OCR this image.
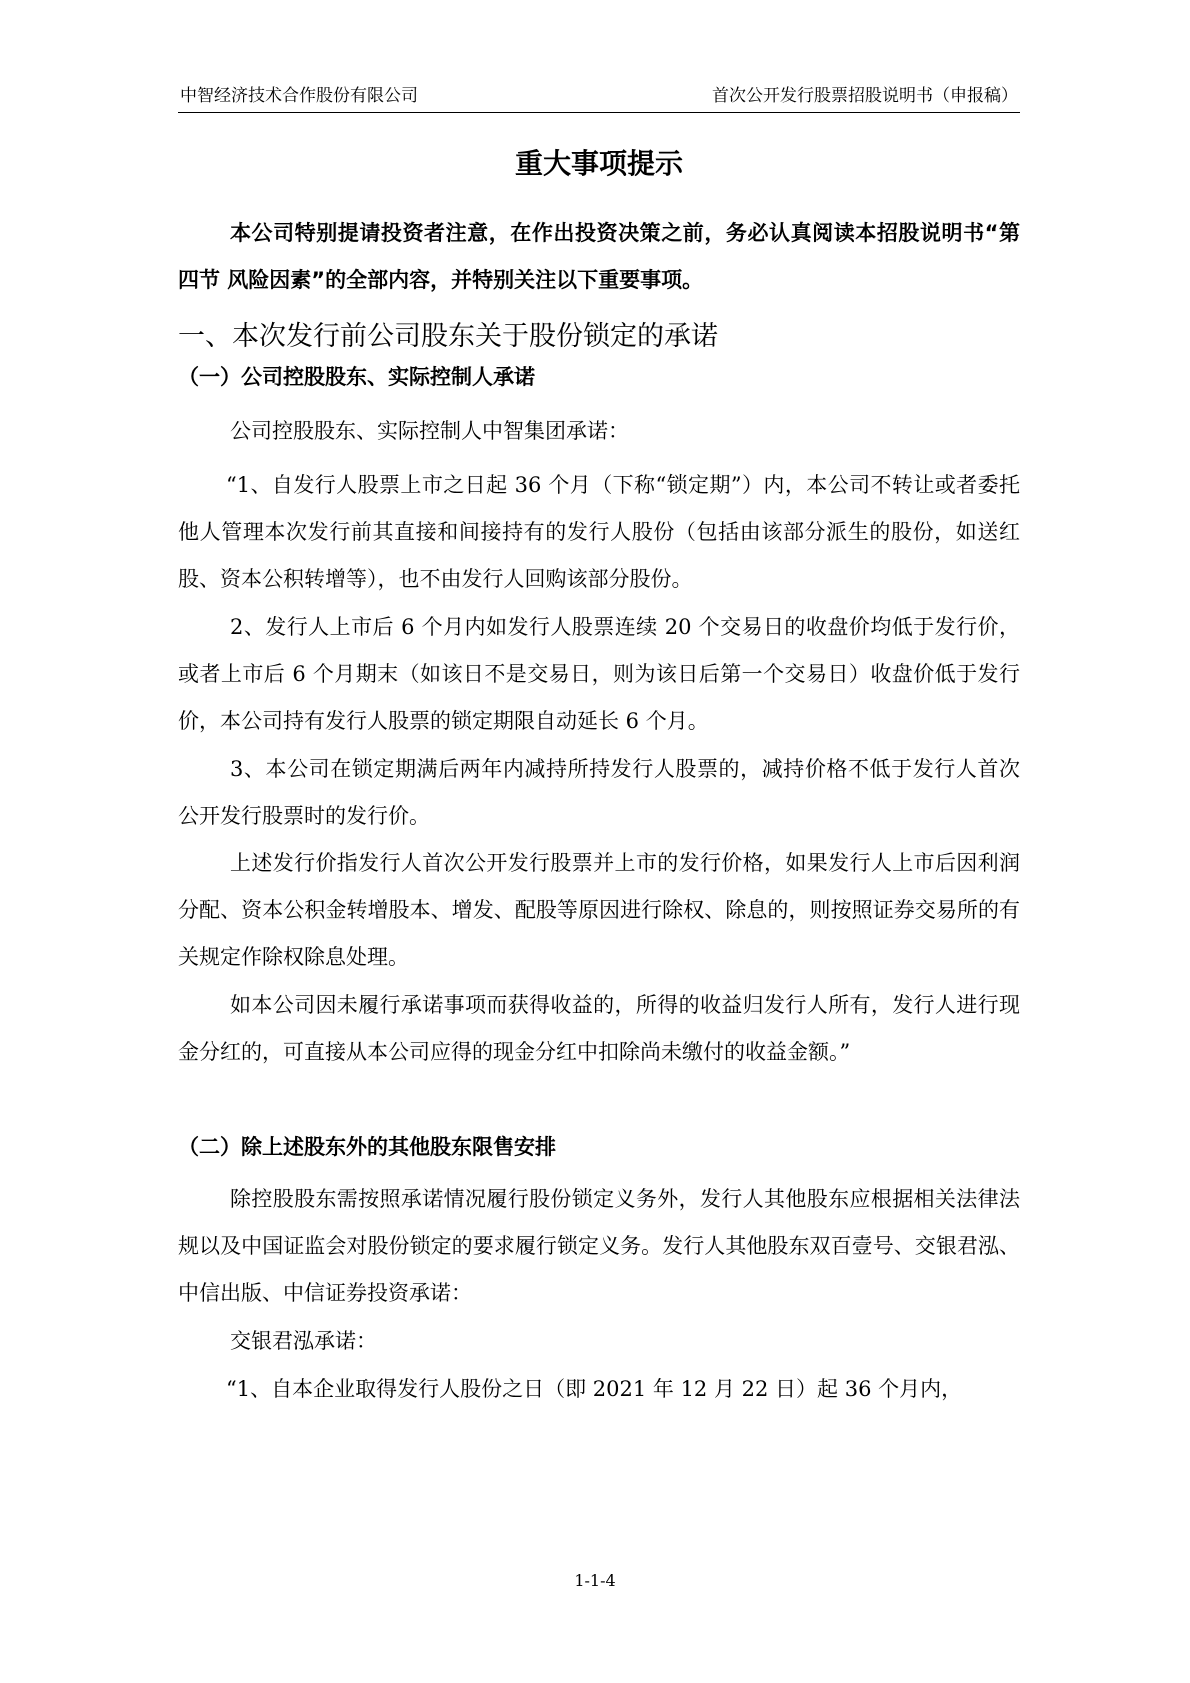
中智经济技术合作股份有限公司	首次公开发行股票招股说明书（申报稿）
重大事项提示

本公司特别提请投资者注意，在作出投资决策之前，务必认真阅读本招股说明书“第四节 风险因素”的全部内容，并特别关注以下重要事项。

一、本次发行前公司股东关于股份锁定的承诺
（一）公司控股股东、实际控制人承诺

公司控股股东、实际控制人中智集团承诺：

“1、自发行人股票上市之日起 36 个月（下称“锁定期”）内，本公司不转让或者委托他人管理本次发行前其直接和间接持有的发行人股份（包括由该部分派生的股份，如送红股、资本公积转增等），也不由发行人回购该部分股份。

2、发行人上市后 6 个月内如发行人股票连续 20 个交易日的收盘价均低于发行价，或者上市后 6 个月期末（如该日不是交易日，则为该日后第一个交易日）收盘价低于发行价，本公司持有发行人股票的锁定期限自动延长 6 个月。

3、本公司在锁定期满后两年内减持所持发行人股票的，减持价格不低于发行人首次公开发行股票时的发行价。

上述发行价指发行人首次公开发行股票并上市的发行价格，如果发行人上市后因利润分配、资本公积金转增股本、增发、配股等原因进行除权、除息的，则按照证券交易所的有关规定作除权除息处理。

如本公司因未履行承诺事项而获得收益的，所得的收益归发行人所有，发行人进行现金分红的，可直接从本公司应得的现金分红中扣除尚未缴付的收益金额。”

（二）除上述股东外的其他股东限售安排

除控股股东需按照承诺情况履行股份锁定义务外，发行人其他股东应根据相关法律法规以及中国证监会对股份锁定的要求履行锁定义务。发行人其他股东双百壹号、交银君泓、中信出版、中信证券投资承诺：

交银君泓承诺：

“1、自本企业取得发行人股份之日（即 2021 年 12 月 22 日）起 36 个月内，

1-1-4
